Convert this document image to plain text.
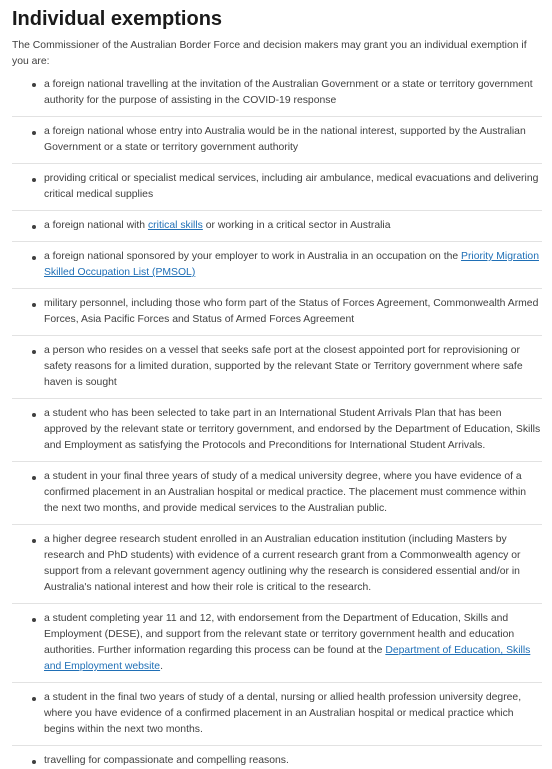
Individual exemptions

The Commissioner of the Australian Border Force and decision makers may grant you an individual exemption if you are:

a foreign national travelling at the invitation of the Australian Government or a state or territory government authority for the purpose of assisting in the COVID-19 response
a foreign national whose entry into Australia would be in the national interest, supported by the Australian Government or a state or territory government authority
providing critical or specialist medical services, including air ambulance, medical evacuations and delivering critical medical supplies
a foreign national with critical skills or working in a critical sector in Australia
a foreign national sponsored by your employer to work in Australia in an occupation on the Priority Migration Skilled Occupation List (PMSOL)
military personnel, including those who form part of the Status of Forces Agreement, Commonwealth Armed Forces, Asia Pacific Forces and Status of Armed Forces Agreement
a person who resides on a vessel that seeks safe port at the closest appointed port for reprovisioning or safety reasons for a limited duration, supported by the relevant State or Territory government where safe haven is sought
a student who has been selected to take part in an International Student Arrivals Plan that has been approved by the relevant state or territory government, and endorsed by the Department of Education, Skills and Employment as satisfying the Protocols and Preconditions for International Student Arrivals.
a student in your final three years of study of a medical university degree, where you have evidence of a confirmed placement in an Australian hospital or medical practice. The placement must commence within the next two months, and provide medical services to the Australian public.
a higher degree research student enrolled in an Australian education institution (including Masters by research and PhD students) with evidence of a current research grant from a Commonwealth agency or support from a relevant government agency outlining why the research is considered essential and/or in Australia's national interest and how their role is critical to the research.
a student completing year 11 and 12, with endorsement from the Department of Education, Skills and Employment (DESE), and support from the relevant state or territory government health and education authorities. Further information regarding this process can be found at the Department of Education, Skills and Employment website.
a student in the final two years of study of a dental, nursing or allied health profession university degree, where you have evidence of a confirmed placement in an Australian hospital or medical practice which begins within the next two months.
travelling for compassionate and compelling reasons.
